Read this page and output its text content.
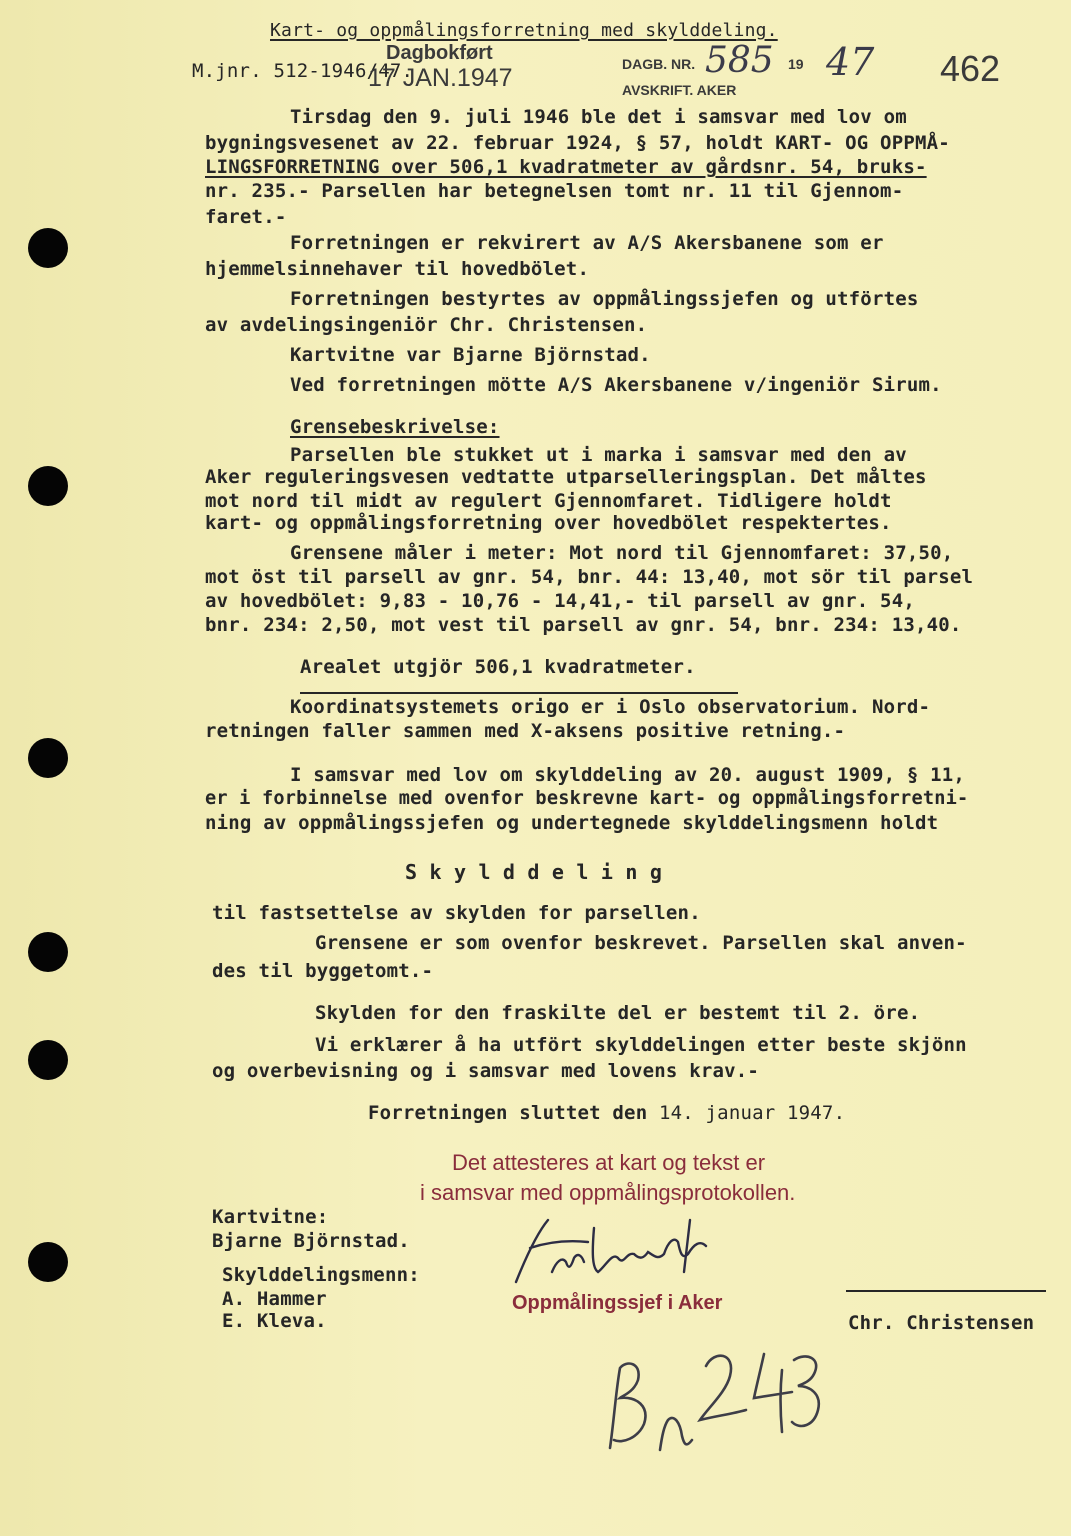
Kart- og oppmålingsforretning med skylddeling.
M.jnr. 512-1946/47.
Dagbokført
17 JAN.1947	DAGB. NR.
AVSKRIFT. AKER
585 19 47 462
Tirsdag den 9. juli 1946 ble det i samsvar med lov om
bygningsvesenet av 22. februar 1924, § 57, holdt KART- OG OPPMÅ-
LINGSFORRETNING over 506,1 kvadratmeter av gårdsnr. 54, bruks-
nr. 235.- Parsellen har betegnelsen tomt nr. 11 til Gjennom-
faret.-
Forretningen er rekvirert av A/S Akersbanene som er
hjemmelsinnehaver til hovedbölet.
Forretningen bestyrtes av oppmålingssjefen og utförtes
av avdelingsingeniör Chr. Christensen.
Kartvitne var Bjarne Björnstad.
Ved forretningen mötte A/S Akersbanene v/ingeniör Sirum.
Grensebeskrivelse:
Parsellen ble stukket ut i marka i samsvar med den av
Aker reguleringsvesen vedtatte utparselleringsplan. Det måltes
mot nord til midt av regulert Gjennomfaret. Tidligere holdt
kart- og oppmålingsforretning over hovedbölet respektertes.
Grensene måler i meter: Mot nord til Gjennomfaret: 37,50,
mot öst til parsell av gnr. 54, bnr. 44: 13,40, mot sör til parsel
av hovedbölet: 9,83 - 10,76 - 14,41,- til parsell av gnr. 54,
bnr. 234: 2,50, mot vest til parsell av gnr. 54, bnr. 234: 13,40.
Arealet utgjör 506,1 kvadratmeter.
Koordinatsystemets origo er i Oslo observatorium. Nord-
retningen faller sammen med X-aksens positive retning.-
I samsvar med lov om skylddeling av 20. august 1909, § 11,
er i forbinnelse med ovenfor beskrevne kart- og oppmålingsforretni-
ning av oppmålingssjefen og undertegnede skylddelingsmenn holdt
S k y l d d e l i n g
til fastsettelse av skylden for parsellen.
Grensene er som ovenfor beskrevet. Parsellen skal anven-
des til byggetomt.-
Skylden for den fraskilte del er bestemt til 2. öre.
Vi erklærer å ha utfört skylddelingen etter beste skjönn
og overbevisning og i samsvar med lovens krav.-
Forretningen sluttet den 14. januar 1947.
Det attesteres at kart og tekst er
i samsvar med oppmålingsprotokollen.
Oppmålingssjef i Aker
Kartvitne:
Bjarne Björnstad.
Skylddelingsmenn:
A. Hammer
E. Kleva.	Chr. Christensen
Bn 243
